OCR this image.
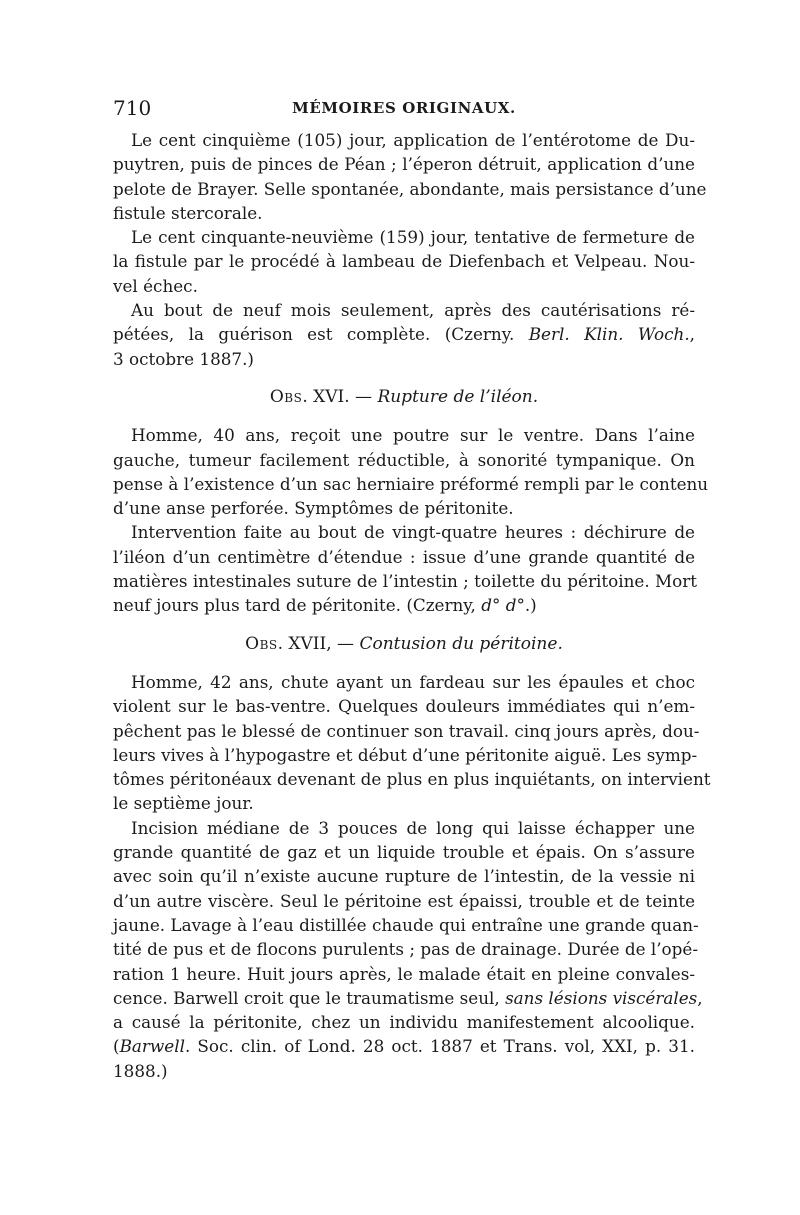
710	MÉMOIRES ORIGINAUX.
Le cent cinquième (105) jour, application de l’entérotome de Du-
puytren, puis de pinces de Péan ; l’éperon détruit, application d’une
pelote de Brayer. Selle spontanée, abondante, mais persistance d’une
fistule stercorale.
Le cent cinquante-neuvième (159) jour, tentative de fermeture de
la fistule par le procédé à lambeau de Diefenbach et Velpeau. Nou-
vel échec.
Au bout de neuf mois seulement, après des cautérisations ré-
pétées, la guérison est complète. (Czerny. Berl. Klin. Woch.,
3 octobre 1887.)
Obs. XVI. — Rupture de l’iléon.
Homme, 40 ans, reçoit une poutre sur le ventre. Dans l’aine
gauche, tumeur facilement réductible, à sonorité tympanique. On
pense à l’existence d’un sac herniaire préformé rempli par le contenu
d’une anse perforée. Symptômes de péritonite.
Intervention faite au bout de vingt-quatre heures : déchirure de
l’iléon d’un centimètre d’étendue : issue d’une grande quantité de
matières intestinales suture de l’intestin ; toilette du péritoine. Mort
neuf jours plus tard de péritonite. (Czerny, d° d°.)
Obs. XVII, — Contusion du péritoine.
Homme, 42 ans, chute ayant un fardeau sur les épaules et choc
violent sur le bas-ventre. Quelques douleurs immédiates qui n’em-
pêchent pas le blessé de continuer son travail. cinq jours après, dou-
leurs vives à l’hypogastre et début d’une péritonite aiguë. Les symp-
tômes péritonéaux devenant de plus en plus inquiétants, on intervient
le septième jour.
Incision médiane de 3 pouces de long qui laisse échapper une
grande quantité de gaz et un liquide trouble et épais. On s’assure
avec soin qu’il n’existe aucune rupture de l’intestin, de la vessie ni
d’un autre viscère. Seul le péritoine est épaissi, trouble et de teinte
jaune. Lavage à l’eau distillée chaude qui entraîne une grande quan-
tité de pus et de flocons purulents ; pas de drainage. Durée de l’opé-
ration 1 heure. Huit jours après, le malade était en pleine convales-
cence. Barwell croit que le traumatisme seul, sans lésions viscérales,
a causé la péritonite, chez un individu manifestement alcoolique.
(Barwell. Soc. clin. of Lond. 28 oct. 1887 et Trans. vol, XXI, p. 31.
1888.)
